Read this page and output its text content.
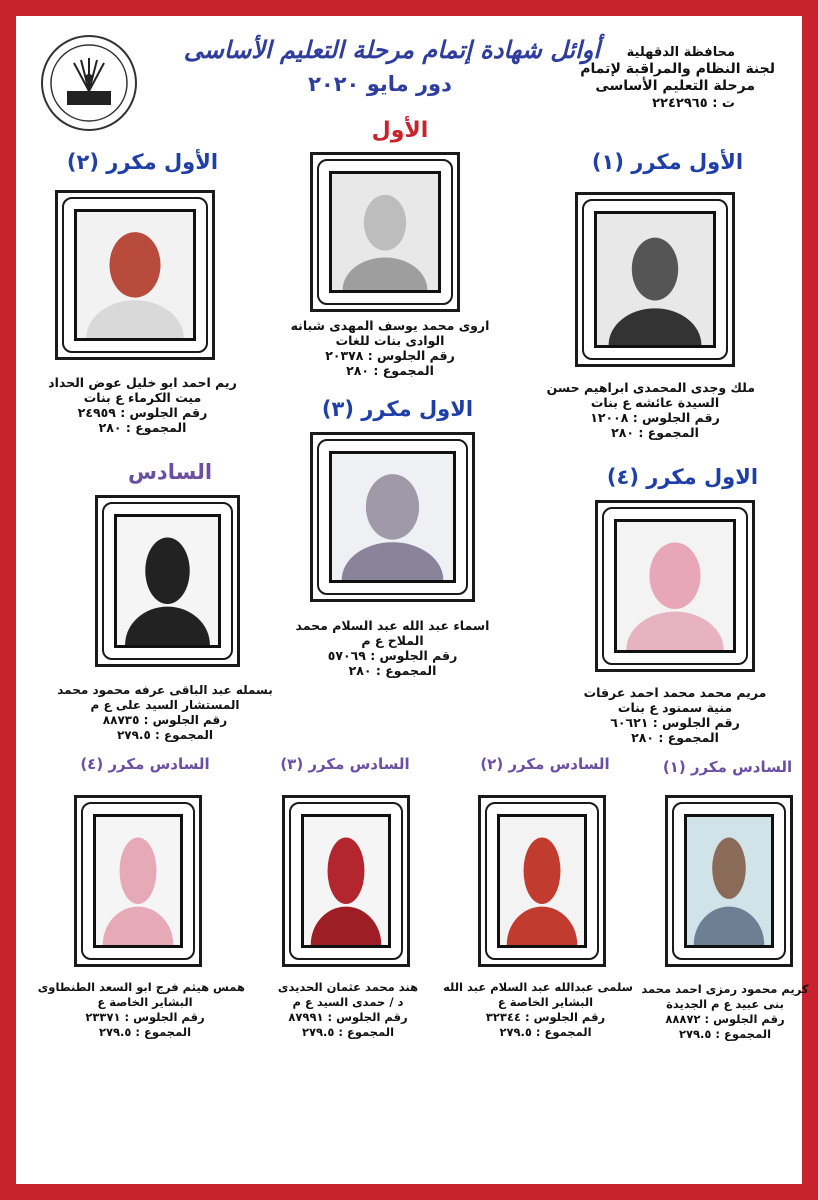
أوائل شهادة إتمام مرحلة التعليم الأساسى
دور مايو ٢٠٢٠
محافظة الدقهلية
لجنة النظام والمراقبة لإتمام
مرحلة التعليم الأساسى
ت : ٢٢٤٢٩٦٥
الأول
الأول مكرر (١)
الأول مكرر (٢)
الاول مكرر (٣)
الاول مكرر (٤)
السادس
السادس مكرر (١)
السادس مكرر (٢)
السادس مكرر (٣)
السادس مكرر (٤)
اروى محمد يوسف المهدى شبانه
الوادى بنات للغات
رقم الجلوس : ٢٠٣٧٨
المجموع : ٢٨٠
ملك وجدى المحمدى ابراهيم حسن
السيدة عائشه ع بنات
رقم الجلوس : ١٢٠٠٨
المجموع : ٢٨٠
ريم احمد ابو خليل عوض الحداد
ميت الكرماء ع بنات
رقم الجلوس : ٢٤٩٥٩
المجموع : ٢٨٠
اسماء عبد الله عبد السلام محمد
الملاح ع م
رقم الجلوس : ٥٧٠٦٩
المجموع : ٢٨٠
مريم محمد محمد احمد عرفات
منية سمنود ع بنات
رقم الجلوس : ٦٠٦٢١
المجموع : ٢٨٠
بسمله عبد الباقى عرفه محمود محمد
المستشار السيد على ع م
رقم الجلوس : ٨٨٧٣٥
المجموع : ٢٧٩.٥
كريم محمود رمزى احمد محمد
بنى عبيد ع م الجديدة
رقم الجلوس : ٨٨٨٧٢
المجموع : ٢٧٩.٥
سلمى عبدالله عبد السلام عبد الله
البشاير الخاصة ع
رقم الجلوس : ٣٢٣٤٤
المجموع : ٢٧٩.٥
هند محمد عثمان الحديدى
د / حمدى السيد ع م
رقم الجلوس : ٨٧٩٩١
المجموع : ٢٧٩.٥
همس هيثم فرج ابو السعد الطنطاوى
البشاير الخاصة ع
رقم الجلوس : ٢٣٣٧١
المجموع : ٢٧٩.٥
